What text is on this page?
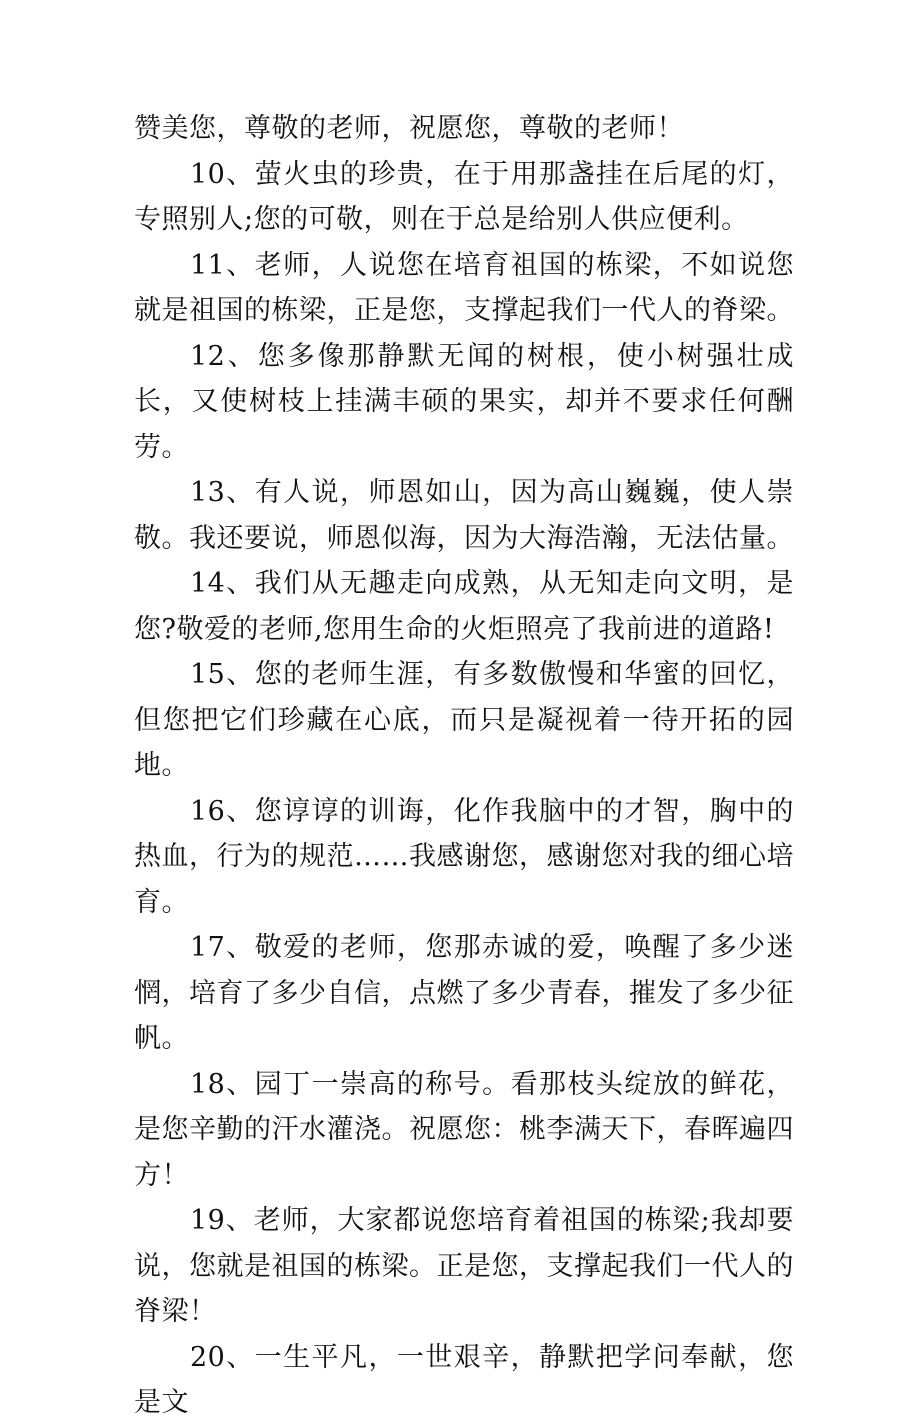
赞美您，尊敬的老师，祝愿您，尊敬的老师！

10、萤火虫的珍贵，在于用那盏挂在后尾的灯，专照别人;您的可敬，则在于总是给别人供应便利。

11、老师，人说您在培育祖国的栋梁，不如说您就是祖国的栋梁，正是您，支撑起我们一代人的脊梁。

12、您多像那静默无闻的树根，使小树强壮成长，又使树枝上挂满丰硕的果实，却并不要求任何酬劳。

13、有人说，师恩如山，因为高山巍巍，使人崇敬。我还要说，师恩似海，因为大海浩瀚，无法估量。

14、我们从无趣走向成熟，从无知走向文明，是您?敬爱的老师,您用生命的火炬照亮了我前进的道路!

15、您的老师生涯，有多数傲慢和华蜜的回忆，但您把它们珍藏在心底，而只是凝视着一待开拓的园地。

16、您谆谆的训诲，化作我脑中的才智，胸中的热血，行为的规范……我感谢您，感谢您对我的细心培育。

17、敬爱的老师，您那赤诚的爱，唤醒了多少迷惘，培育了多少自信，点燃了多少青春，摧发了多少征帆。

18、园丁一崇高的称号。看那枝头绽放的鲜花，是您辛勤的汗水灌浇。祝愿您：桃李满天下，春晖遍四方！

19、老师，大家都说您培育着祖国的栋梁;我却要说，您就是祖国的栋梁。正是您，支撑起我们一代人的脊梁！

20、一生平凡，一世艰辛，静默把学问奉献，您是文
